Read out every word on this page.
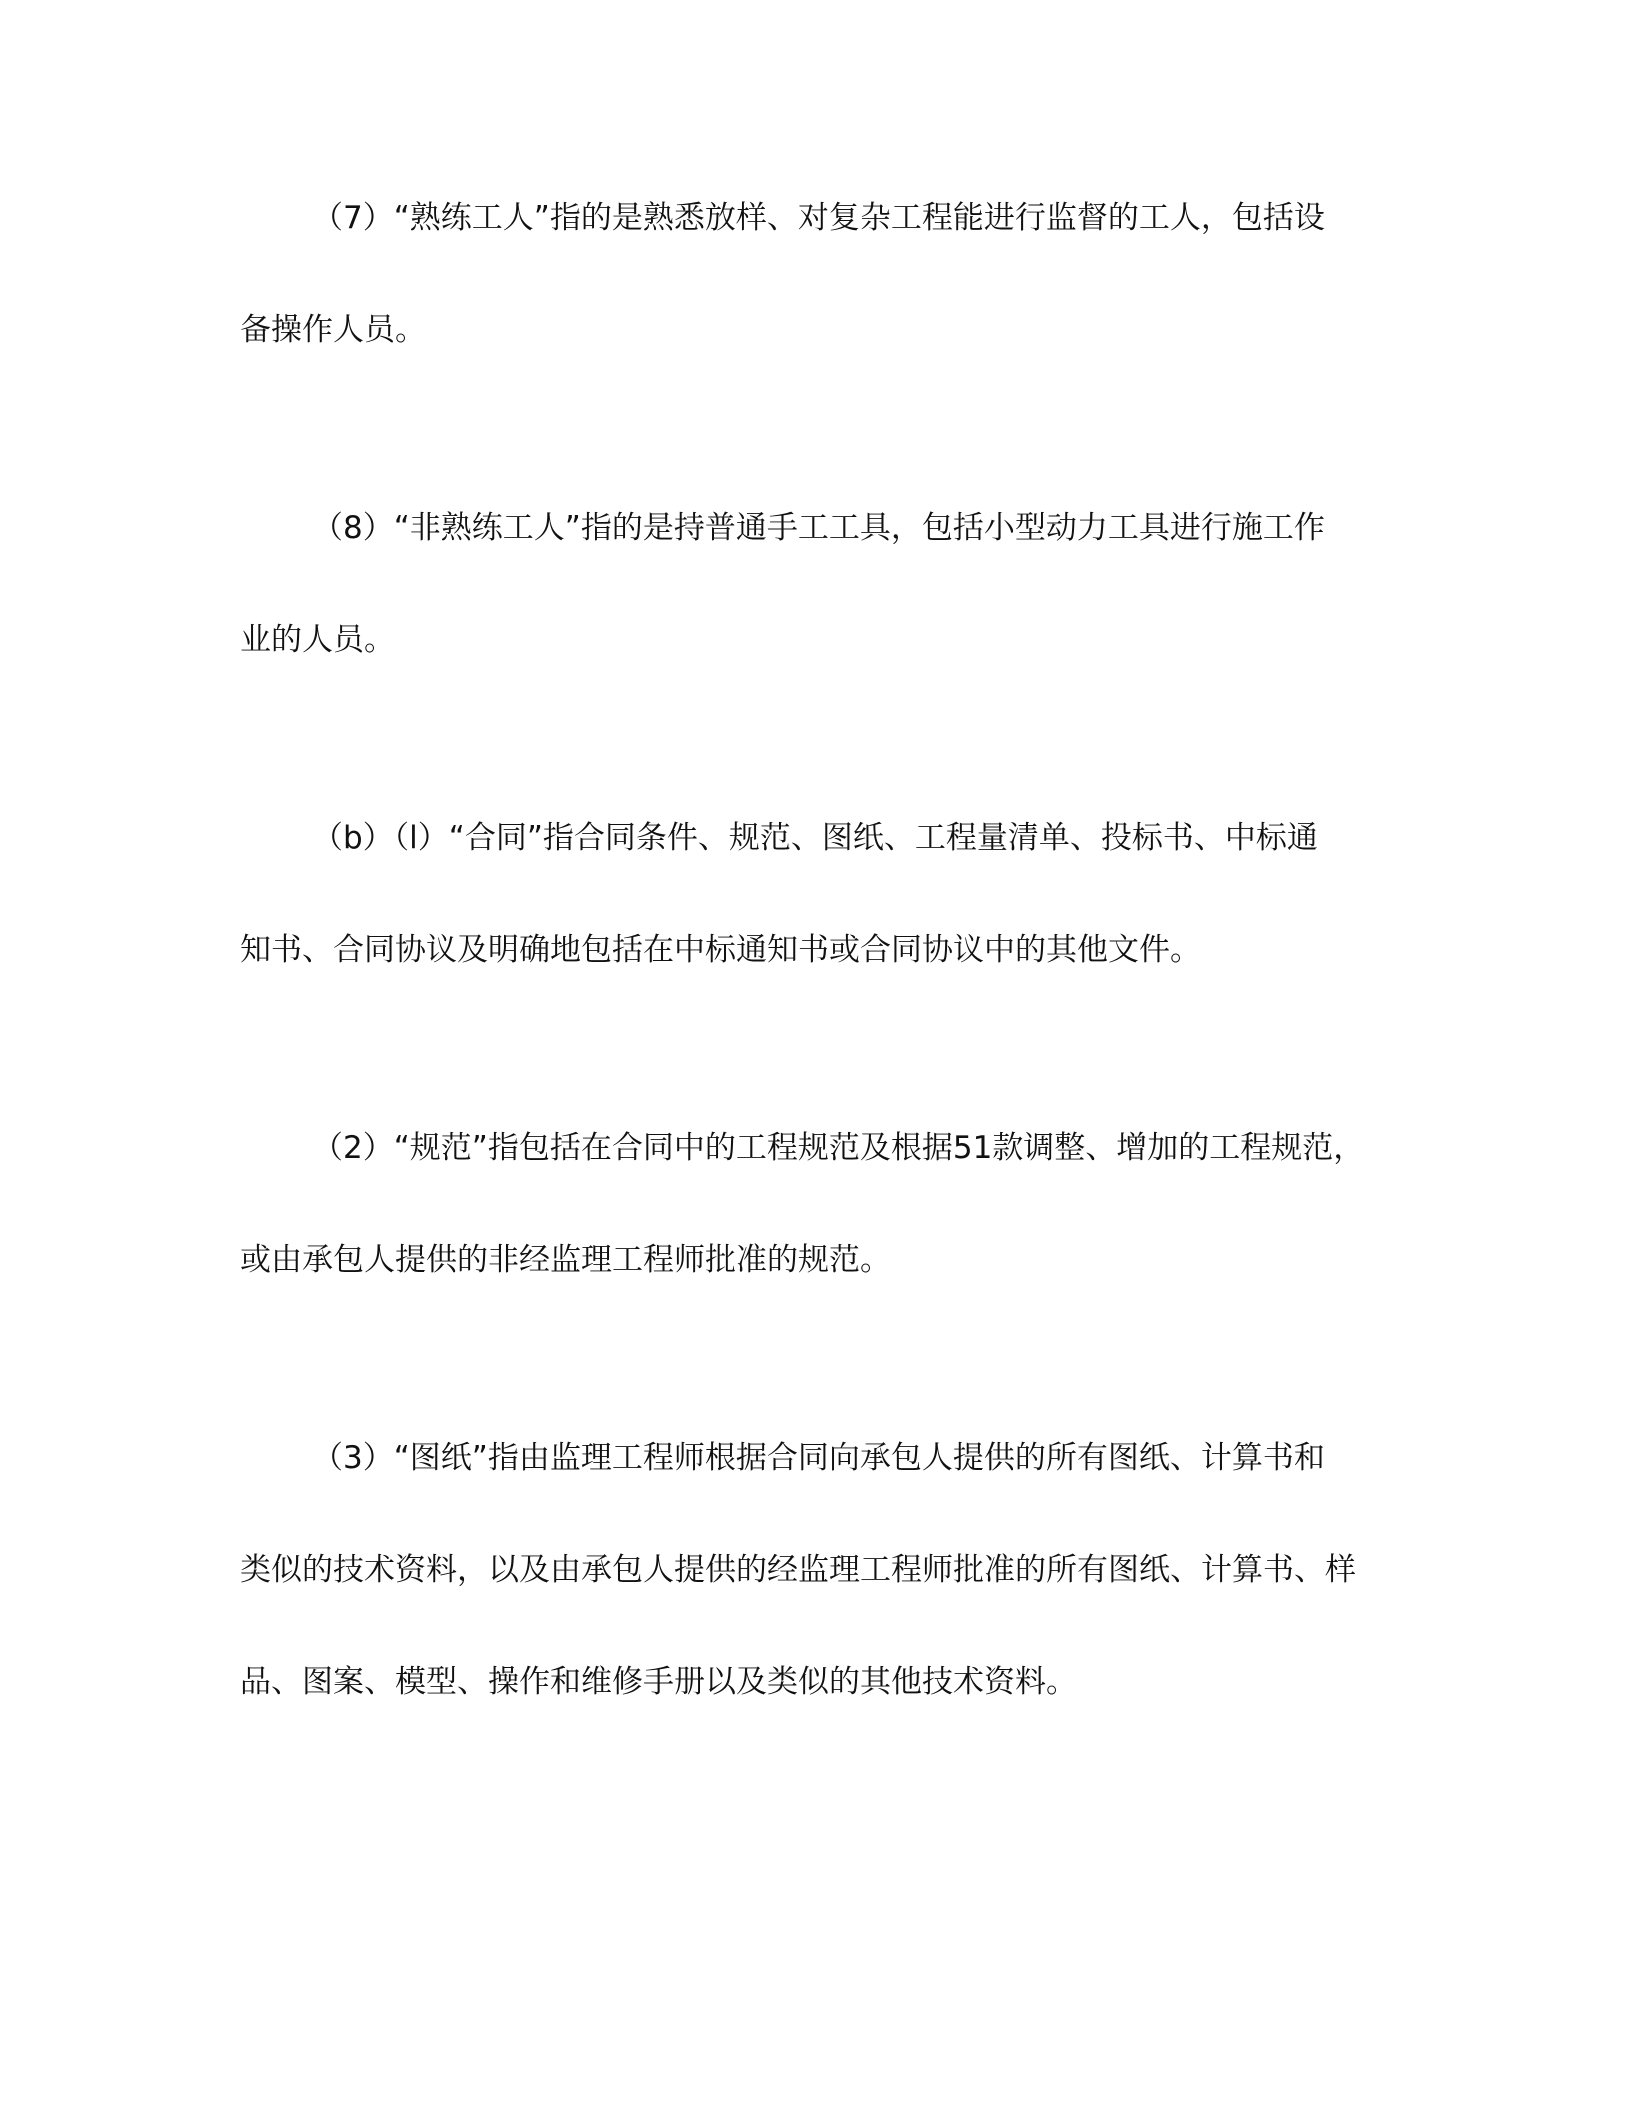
（7）“熟练工人”指的是熟悉放样、对复杂工程能进行监督的工人，包括设

备操作人员。

（8）“非熟练工人”指的是持普通手工工具，包括小型动力工具进行施工作

业的人员。

（b）（l）“合同”指合同条件、规范、图纸、工程量清单、投标书、中标通

知书、合同协议及明确地包括在中标通知书或合同协议中的其他文件。

（2）“规范”指包括在合同中的工程规范及根据51款调整、增加的工程规范，

或由承包人提供的非经监理工程师批准的规范。

（3）“图纸”指由监理工程师根据合同向承包人提供的所有图纸、计算书和

类似的技术资料，以及由承包人提供的经监理工程师批准的所有图纸、计算书、样

品、图案、模型、操作和维修手册以及类似的其他技术资料。
